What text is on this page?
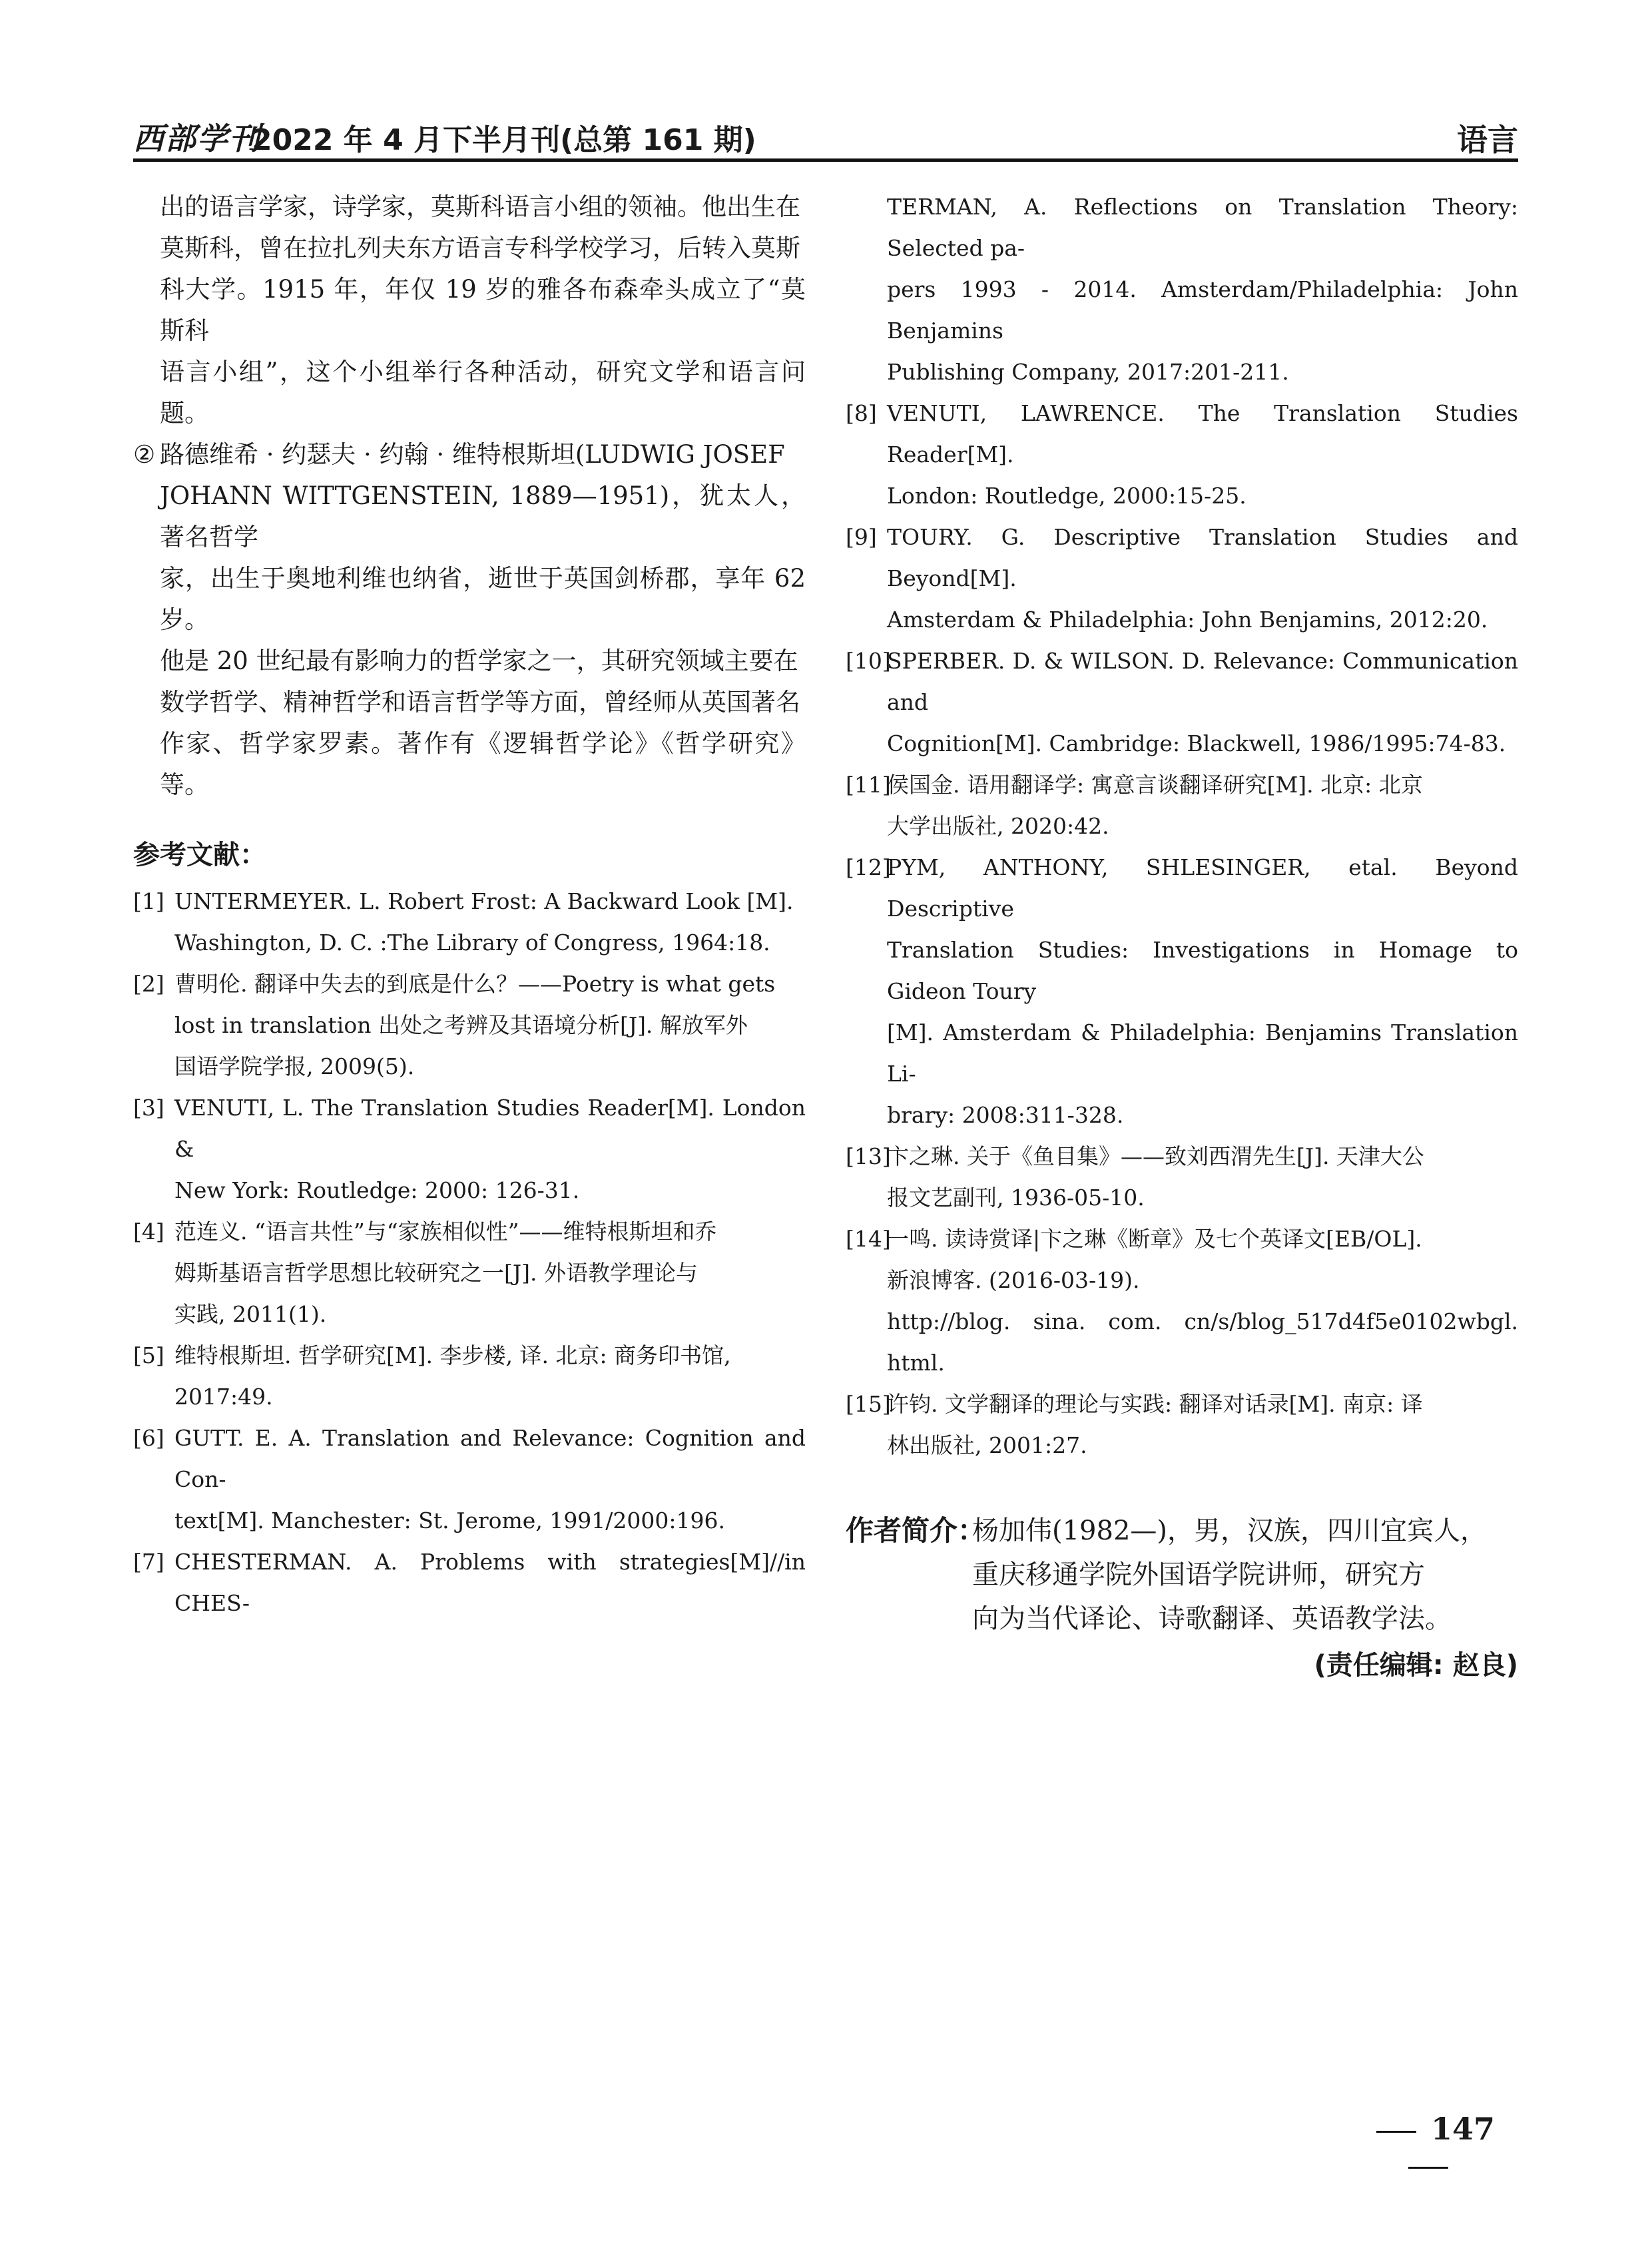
西部学刊
2022 年 4 月下半月刊(总第 161 期)	语言
出的语言学家，诗学家，莫斯科语言小组的领袖。他出生在
莫斯科，曾在拉扎列夫东方语言专科学校学习，后转入莫斯
科大学。1915 年，年仅 19 岁的雅各布森牵头成立了“莫斯科
语言小组”，这个小组举行各种活动，研究文学和语言问题。
② 路德维希 · 约瑟夫 · 约翰 · 维特根斯坦(LUDWIG JOSEF
JOHANN WITTGENSTEIN, 1889—1951)，犹太人，著名哲学
家，出生于奥地利维也纳省，逝世于英国剑桥郡，享年 62 岁。
他是 20 世纪最有影响力的哲学家之一，其研究领域主要在
数学哲学、精神哲学和语言哲学等方面，曾经师从英国著名
作家、哲学家罗素。著作有《逻辑哲学论》《哲学研究》等。
参考文献：
[1] UNTERMEYER. L. Robert Frost: A Backward Look [M].
Washington, D. C. :The Library of Congress, 1964:18.
[2] 曹明伦. 翻译中失去的到底是什么？——Poetry is what gets
lost in translation 出处之考辨及其语境分析[J]. 解放军外
国语学院学报, 2009(5).
[3] VENUTI, L. The Translation Studies Reader[M]. London &
New York: Routledge: 2000: 126-31.
[4] 范连义. “语言共性”与“家族相似性”——维特根斯坦和乔
姆斯基语言哲学思想比较研究之一[J]. 外语教学理论与
实践, 2011(1).
[5] 维特根斯坦. 哲学研究[M]. 李步楼, 译. 北京: 商务印书馆,
2017:49.
[6] GUTT. E. A. Translation and Relevance: Cognition and Con-
text[M]. Manchester: St. Jerome, 1991/2000:196.
[7] CHESTERMAN. A. Problems with strategies[M]//in CHES-
TERMAN, A. Reflections on Translation Theory: Selected pa-
pers 1993 - 2014. Amsterdam/Philadelphia: John Benjamins
Publishing Company, 2017:201-211.
[8] VENUTI, LAWRENCE. The Translation Studies Reader[M].
London: Routledge, 2000:15-25.
[9] TOURY. G. Descriptive Translation Studies and Beyond[M].
Amsterdam & Philadelphia: John Benjamins, 2012:20.
[10]
SPERBER. D. & WILSON. D. Relevance: Communication and
Cognition[M]. Cambridge: Blackwell, 1986/1995:74-83.
[11]
侯国金. 语用翻译学: 寓意言谈翻译研究[M]. 北京: 北京
大学出版社, 2020:42.
[12]
PYM, ANTHONY, SHLESINGER, etal. Beyond Descriptive
Translation Studies: Investigations in Homage to Gideon Toury
[M]. Amsterdam & Philadelphia: Benjamins Translation Li-
brary: 2008:311-328.
[13]
卞之琳. 关于《鱼目集》——致刘西渭先生[J]. 天津大公
报文艺副刊, 1936-05-10.
[14]
一鸣. 读诗赏译|卞之琳《断章》及七个英译文[EB/OL].
新浪博客. (2016-03-19).
http://blog. sina. com. cn/s/blog_517d4f5e0102wbgl. html.
[15]
许钧. 文学翻译的理论与实践: 翻译对话录[M]. 南京: 译
林出版社, 2001:27.
作者简介：
杨加伟(1982—)，男，汉族，四川宜宾人，
重庆移通学院外国语学院讲师，研究方
向为当代译论、诗歌翻译、英语教学法。
(责任编辑: 赵良)
147
